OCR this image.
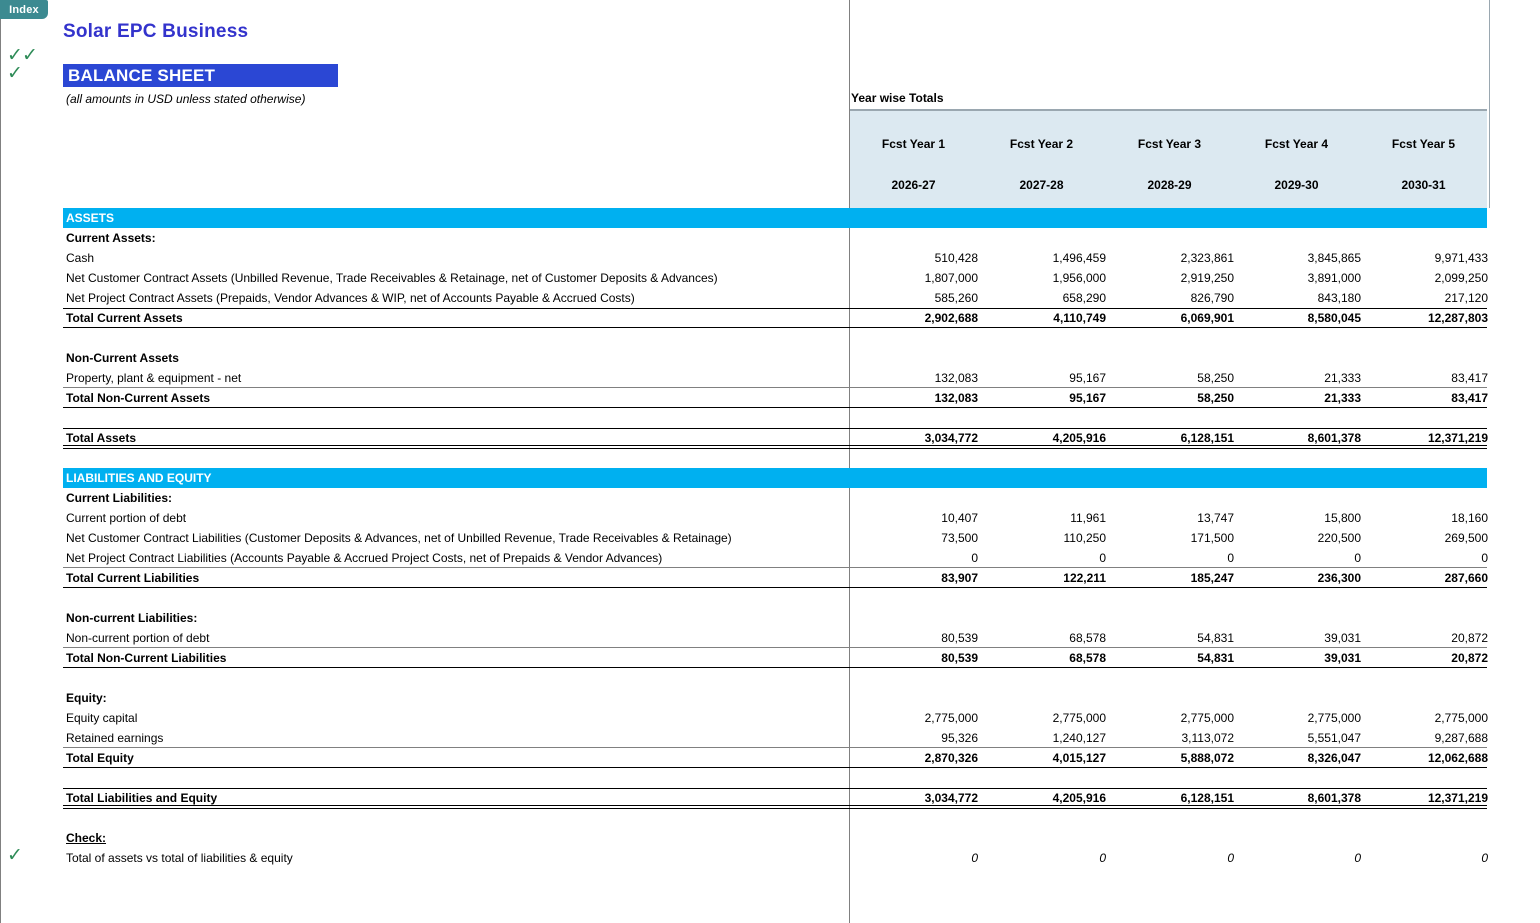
Index
✓ ✓
✓
✓
Solar EPC Business
BALANCE SHEET
(all amounts in USD unless stated otherwise)	Year wise Totals
Fcst Year 1	Fcst Year 2	Fcst Year 3	Fcst Year 4	Fcst Year 5
2026-27	2027-28	2028-29	2029-30	2030-31
ASSETS
Current Assets:
Cash	510,428	1,496,459	2,323,861	3,845,865	9,971,433
Net Customer Contract Assets (Unbilled Revenue, Trade Receivables & Retainage, net of Customer Deposits & Advances)	1,807,000	1,956,000	2,919,250	3,891,000	2,099,250
Net Project Contract Assets (Prepaids, Vendor Advances & WIP, net of Accounts Payable & Accrued Costs)	585,260	658,290	826,790	843,180	217,120
Total Current Assets	2,902,688	4,110,749	6,069,901	8,580,045	12,287,803
Non-Current Assets
Property, plant & equipment - net	132,083	95,167	58,250	21,333	83,417
Total Non-Current Assets	132,083	95,167	58,250	21,333	83,417
Total Assets	3,034,772	4,205,916	6,128,151	8,601,378	12,371,219
LIABILITIES AND EQUITY
Current Liabilities:
Current portion of debt	10,407	11,961	13,747	15,800	18,160
Net Customer Contract Liabilities (Customer Deposits & Advances, net of Unbilled Revenue, Trade Receivables & Retainage)	73,500	110,250	171,500	220,500	269,500
Net Project Contract Liabilities (Accounts Payable & Accrued Project Costs, net of Prepaids & Vendor Advances)	0	0	0	0	0
Total Current Liabilities	83,907	122,211	185,247	236,300	287,660
Non-current Liabilities:
Non-current portion of debt	80,539	68,578	54,831	39,031	20,872
Total Non-Current Liabilities	80,539	68,578	54,831	39,031	20,872
Equity:
Equity capital	2,775,000	2,775,000	2,775,000	2,775,000	2,775,000
Retained earnings	95,326	1,240,127	3,113,072	5,551,047	9,287,688
Total Equity	2,870,326	4,015,127	5,888,072	8,326,047	12,062,688
Total Liabilities and Equity	3,034,772	4,205,916	6,128,151	8,601,378	12,371,219
Check:
Total of assets vs total of liabilities & equity	0	0	0	0	0
